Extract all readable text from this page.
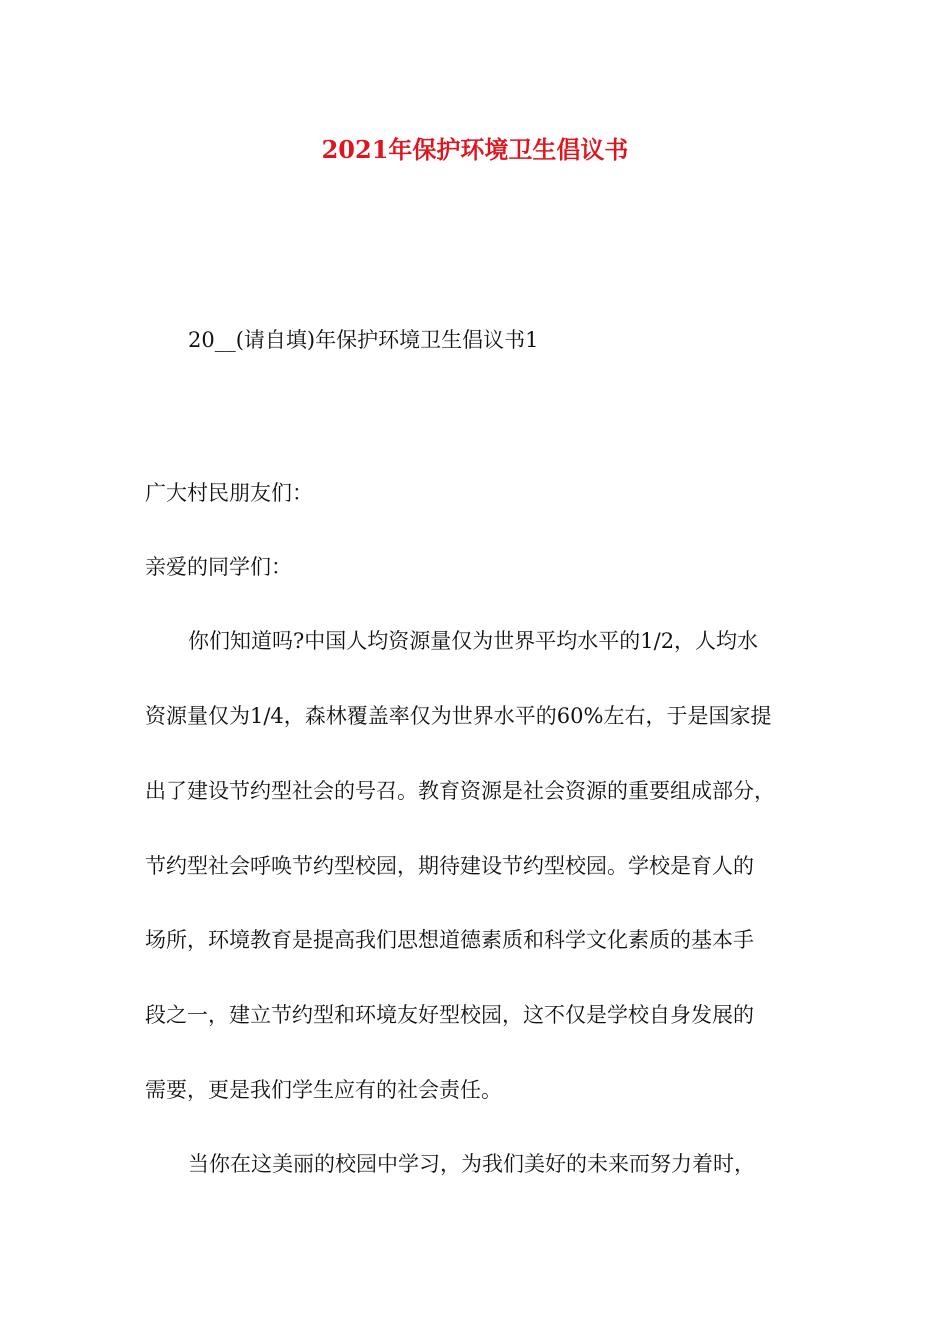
2021年保护环境卫生倡议书
20__(请自填)年保护环境卫生倡议书1
广大村民朋友们：
亲爱的同学们：
你们知道吗?中国人均资源量仅为世界平均水平的1/2，人均水
资源量仅为1/4，森林覆盖率仅为世界水平的60%左右，于是国家提
出了建设节约型社会的号召。教育资源是社会资源的重要组成部分，
节约型社会呼唤节约型校园，期待建设节约型校园。学校是育人的
场所，环境教育是提高我们思想道德素质和科学文化素质的基本手
段之一，建立节约型和环境友好型校园，这不仅是学校自身发展的
需要，更是我们学生应有的社会责任。
当你在这美丽的校园中学习，为我们美好的未来而努力着时，
